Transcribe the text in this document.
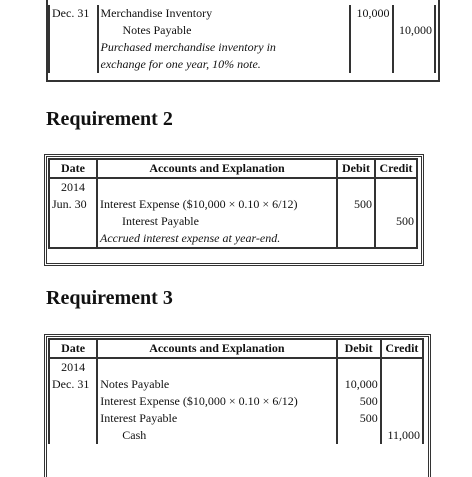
Dec. 31	Merchandise Inventory	10,000	
	Notes Payable		10,000

	Purchased merchandise inventory in
exchange for one year, 10% note.		

Requirement 2
Date	Accounts and Explanation	Debit	Credit
2014			
Jun. 30	Interest Expense ($10,000 × 0.10 × 6/12)	500	
	Interest Payable		500
	Accrued interest expense at year-end.		
Requirement 3
Date	Accounts and Explanation	Debit	Credit
2014			
Dec. 31	Notes Payable	10,000	
	Interest Expense ($10,000 × 0.10 × 6/12)	500	
	Interest Payable	500	
	Cash		11,000
